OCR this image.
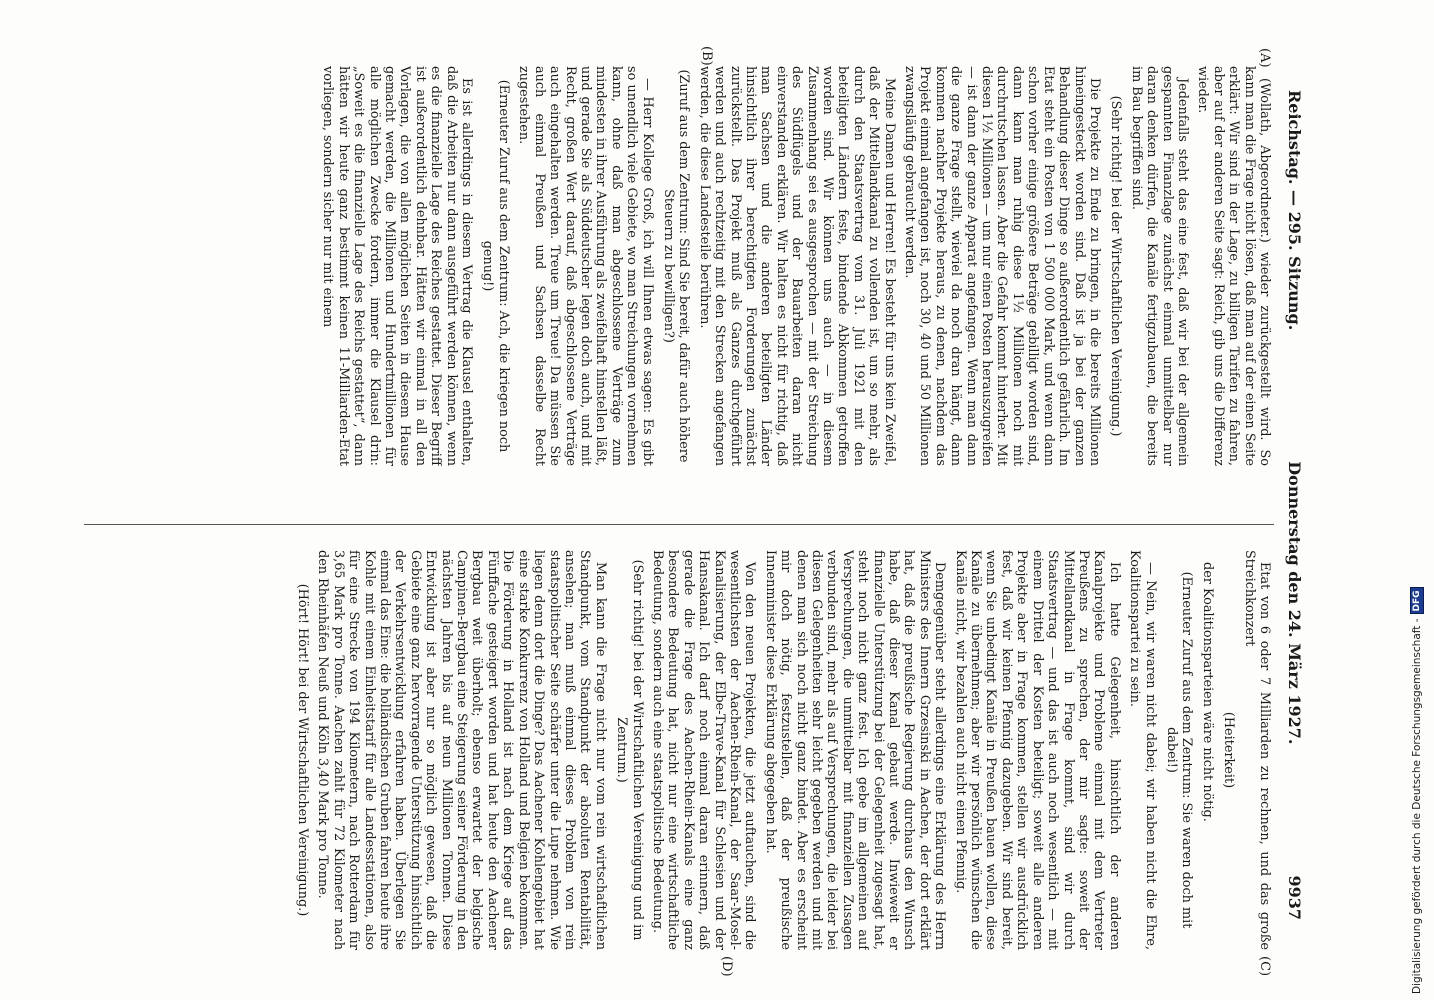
Reichstag. — 295. Sitzung.
Donnerstag den 24. März 1927.
9937
(A)
(B)
(C)
(D)

(Wollath, Abgeordneter.) wieder zurückgestellt wird. So kann man die Frage nicht lösen, daß man auf der einen Seite erklärt: Wir sind in der Lage, zu billigen Tarifen zu fahren, aber auf der anderen Seite sagt: Reich, gib uns die Differenz wieder.

Jedenfalls steht das eine fest, daß wir bei der allgemein gespannten Finanzlage zunächst einmal unmittelbar nur daran denken dürfen, die Kanäle fertigzubauen, die bereits im Bau begriffen sind.

(Sehr richtig! bei der Wirtschaftlichen Vereinigung.)

Die Projekte zu Ende zu bringen, in die bereits Millionen hineingesteckt worden sind. Daß ist ja bei der ganzen Behandlung dieser Dinge so außerordentlich gefährlich. Im Etat steht ein Posten von 1 500 000 Mark, und wenn dann schon vorher einige größere Beträge gebilligt worden sind, dann kann man ruhig diese 1½ Millionen noch mit durchrutschen lassen. Aber die Gefahr kommt hinterher. Mit diesen 1½ Millionen — um nur einen Posten herauszugreifen — ist dann der ganze Apparat angefangen. Wenn man dann die ganze Frage stellt, wieviel da noch dran hängt, dann kommen nachher Projekte heraus, zu denen, nachdem das Projekt einmal angefangen ist, noch 30, 40 und 50 Millionen zwangsläufig gebraucht werden.

Meine Damen und Herren! Es besteht für uns kein Zweifel, daß der Mittellandkanal zu vollenden ist, um so mehr, als durch den Staatsvertrag vom 31. Juli 1921 mit den beteiligten Ländern feste, bindende Abkommen getroffen worden sind. Wir können uns auch — in diesem Zusammenhang sei es ausgesprochen — mit der Streichung des Südflügels und der Bauarbeiten daran nicht einverstanden erklären. Wir halten es nicht für richtig, daß man Sachsen und die anderen beteiligten Länder hinsichtlich ihrer berechtigten Forderungen zunächst zurückstellt. Das Projekt muß als Ganzes durchgeführt werden und auch rechtzeitig mit den Strecken angefangen werden, die diese Landesteile berühren.

(Zuruf aus dem Zentrum: Sind Sie bereit, dafür auch höhere Steuern zu bewilligen?)

— Herr Kollege Groß, ich will Ihnen etwas sagen: Es gibt so unendlich viele Gebiete, wo man Streichungen vornehmen kann, ohne daß man abgeschlossene Verträge zum mindesten in ihrer Ausführung als zweifelhaft hinstellen läßt, und gerade Sie als Süddeutscher legen doch auch, und mit Recht, großen Wert darauf, daß abgeschlossene Verträge auch eingehalten werden. Treue um Treue! Da müssen Sie auch einmal Preußen und Sachsen dasselbe Recht zugestehen.

(Erneuter Zuruf aus dem Zentrum: Ach, die kriegen noch genug!)

Es ist allerdings in diesem Vertrag die Klausel enthalten, daß die Arbeiten nur dann ausgeführt werden können, wenn es die finanzielle Lage des Reiches gestattet. Dieser Begriff ist außerordentlich dehnbar. Hätten wir einmal in all den Vorlagen, die von allen möglichen Seiten in diesem Hause gemacht werden, die Millionen und Hundertmillionen für alle möglichen Zwecke fordern, immer die Klausel drin: „Soweit es die finanzielle Lage des Reichs gestattet“, dann hätten wir heute ganz bestimmt keinen 11-Milliarden-Etat vorliegen, sondern sicher nur mit einem

Etat von 6 oder 7 Milliarden zu rechnen, und das große Streichkonzert

(Heiterkeit)

der Koalitionsparteien wäre nicht nötig.

(Erneuter Zuruf aus dem Zentrum: Sie waren doch mit dabei!)

— Nein, wir waren nicht dabei; wir haben nicht die Ehre, Koalitionspartei zu sein.

Ich hatte Gelegenheit, hinsichtlich der anderen Kanalprojekte und Probleme einmal mit dem Vertreter Preußens zu sprechen, der mir sagte: soweit der Mittellandkanal in Frage kommt, sind wir durch Staatsvertrag — und das ist auch noch wesentlich — mit einem Drittel der Kosten beteiligt; soweit alle anderen Projekte aber in Frage kommen, stellen wir ausdrücklich fest, daß wir keinen Pfennig dazugeben. Wir sind bereit, wenn Sie unbedingt Kanäle in Preußen bauen wollen, diese Kanäle zu übernehmen; aber wir persönlich wünschen die Kanäle nicht, wir bezahlen auch nicht einen Pfennig.

Demgegenüber steht allerdings eine Erklärung des Herrn Ministers des Innern Grzesinski in Aachen, der dort erklärt hat, daß die preußische Regierung durchaus den Wunsch habe, daß dieser Kanal gebaut werde. Inwieweit er finanzielle Unterstützung bei der Gelegenheit zugesagt hat, steht noch nicht ganz fest. Ich gebe im allgemeinen auf Versprechungen, die unmittelbar mit finanziellen Zusagen verbunden sind, mehr als auf Versprechungen, die leider bei diesen Gelegenheiten sehr leicht gegeben werden und mit denen man sich noch nicht ganz bindet. Aber es erscheint mir doch nötig, festzustellen, daß der preußische Innenminister diese Erklärung abgegeben hat.

Von den neuen Projekten, die jetzt auftauchen, sind die wesentlichsten der Aachen-Rhein-Kanal, der Saar-Mosel-Kanalisierung, der Elbe-Trave-Kanal für Schlesien und der Hansakanal. Ich darf noch einmal daran erinnern, daß gerade die Frage des Aachen-Rhein-Kanals eine ganz besondere Bedeutung hat, nicht nur eine wirtschaftliche Bedeutung, sondern auch eine staatspolitische Bedeutung.

(Sehr richtig! bei der Wirtschaftlichen Vereinigung und im Zentrum.)

Man kann die Frage nicht nur vom rein wirtschaftlichen Standpunkt, vom Standpunkt der absoluten Rentabilität, ansehen; man muß einmal dieses Problem von rein staatspolitischer Seite schärfer unter die Lupe nehmen. Wie liegen denn dort die Dinge? Das Aachener Kohlengebiet hat eine starke Konkurrenz von Holland und Belgien bekommen. Die Förderung in Holland ist nach dem Kriege auf das Fünffache gesteigert worden und hat heute den Aachener Bergbau weit überholt; ebenso erwartet der belgische Campinen-Bergbau eine Steigerung seiner Förderung in den nächsten Jahren bis auf neun Millionen Tonnen. Diese Entwicklung ist aber nur so möglich gewesen, daß die Gebiete eine ganz hervorragende Unterstützung hinsichtlich der Verkehrsentwicklung erfahren haben. Überlegen Sie einmal das Eine: die holländischen Gruben fahren heute ihre Kohle mit einem Einheitstarif für alle Landesstationen, also für eine Strecke von 194 Kilometern, nach Rotterdam für 3,65 Mark pro Tonne. Aachen zahlt für 72 Kilometer nach den Rheinhäfen Neuß und Köln 3,40 Mark pro Tonne.

(Hört! Hört! bei der Wirtschaftlichen Vereinigung.)	Digitalisierung gefördert durch die Deutsche Forschungsgemeinschaft -
DFG
